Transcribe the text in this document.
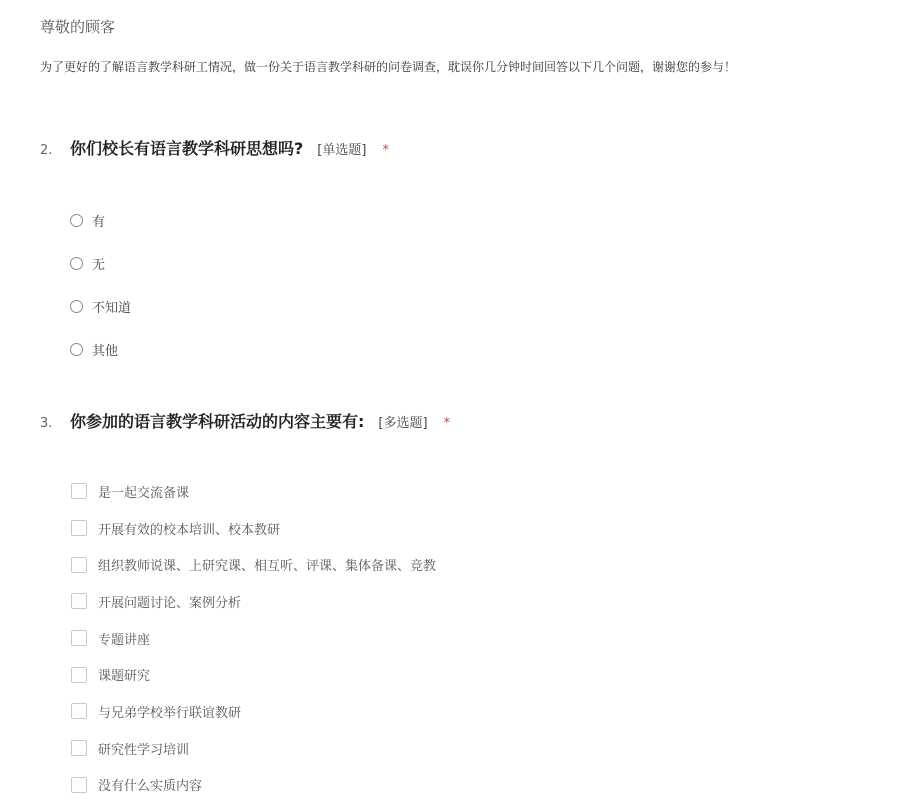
尊敬的顾客
为了更好的了解语言教学科研工情况，做一份关于语言教学科研的问卷调查，耽误你几分钟时间回答以下几个问题，谢谢您的参与！
2.	你们校长有语言教学科研思想吗? [单选题] *
有
无
不知道
其他
3.	你参加的语言教学科研活动的内容主要有: [多选题] *
是一起交流备课
开展有效的校本培训、校本教研
组织教师说课、上研究课、相互听、评课、集体备课、竞教
开展问题讨论、案例分析
专题讲座
课题研究
与兄弟学校举行联谊教研
研究性学习培训
没有什么实质内容
